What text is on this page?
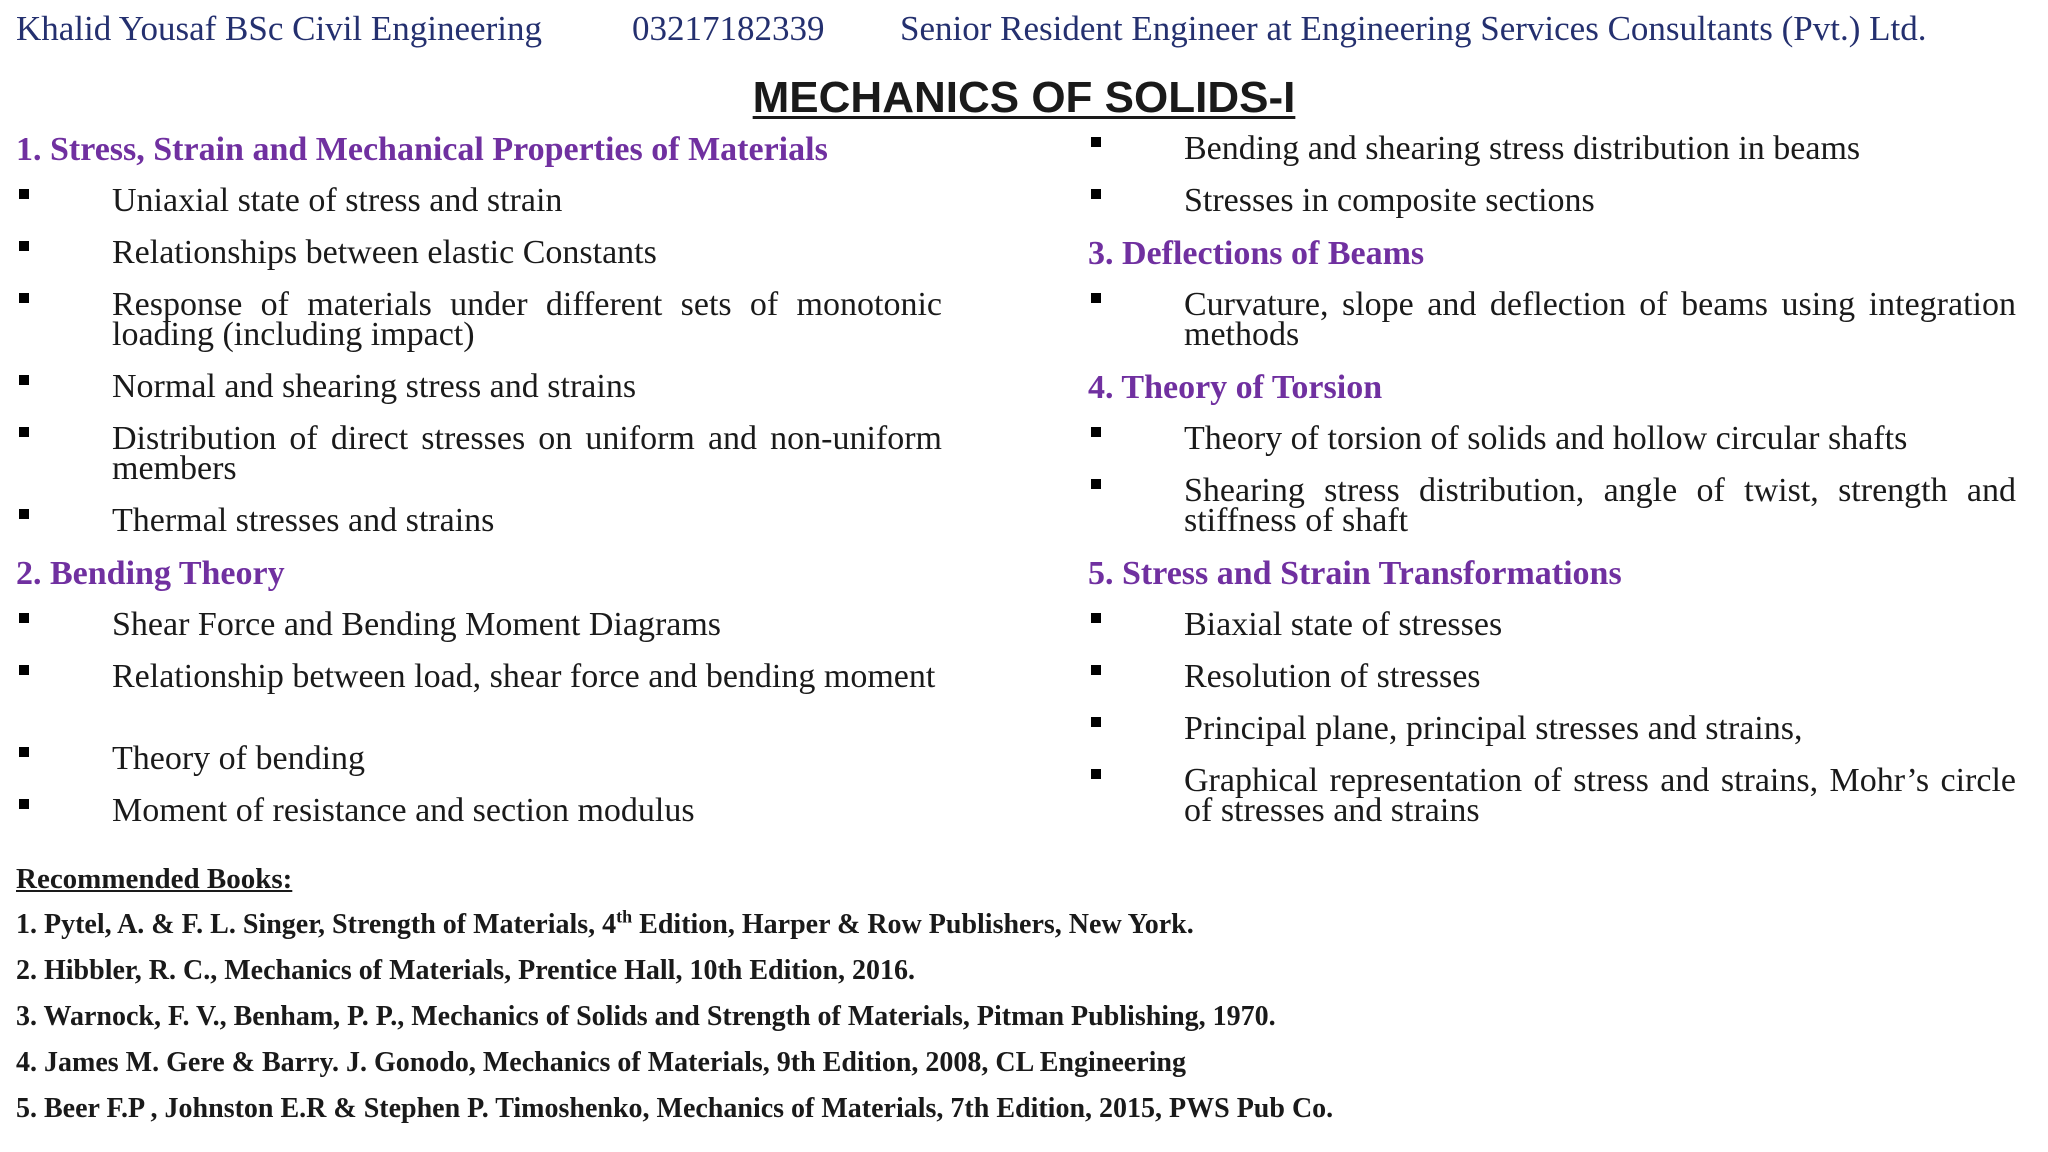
Khalid Yousaf BSc Civil Engineering	03217182339 Senior Resident Engineer at Engineering Services Consultants (Pvt.) Ltd.
MECHANICS OF SOLIDS-I
1. Stress, Strain and Mechanical Properties of Materials
Uniaxial state of stress and strain
Relationships between elastic Constants
Response of materials under different sets of monotonic loading (including impact)
Normal and shearing stress and strains
Distribution of direct stresses on uniform and non-uniform members
Thermal stresses and strains
2. Bending Theory
Shear Force and Bending Moment Diagrams
Relationship between load, shear force and bending moment
Theory of bending
Moment of resistance and section modulus
Bending and shearing stress distribution in beams
Stresses in composite sections
3. Deflections of Beams
Curvature, slope and deflection of beams using integration methods
4. Theory of Torsion
Theory of torsion of solids and hollow circular shafts
Shearing stress distribution, angle of twist, strength and stiffness of shaft
5. Stress and Strain Transformations
Biaxial state of stresses
Resolution of stresses
Principal plane, principal stresses and strains,
Graphical representation of stress and strains, Mohr’s circle of stresses and strains
Recommended Books:
1. Pytel, A. & F. L. Singer, Strength of Materials, 4th Edition, Harper & Row Publishers, New York.
2. Hibbler, R. C., Mechanics of Materials, Prentice Hall, 10th Edition, 2016.
3. Warnock, F. V., Benham, P. P., Mechanics of Solids and Strength of Materials, Pitman Publishing, 1970.
4. James M. Gere & Barry. J. Gonodo, Mechanics of Materials, 9th Edition, 2008, CL Engineering
5. Beer F.P , Johnston E.R & Stephen P. Timoshenko, Mechanics of Materials, 7th Edition, 2015, PWS Pub Co.
